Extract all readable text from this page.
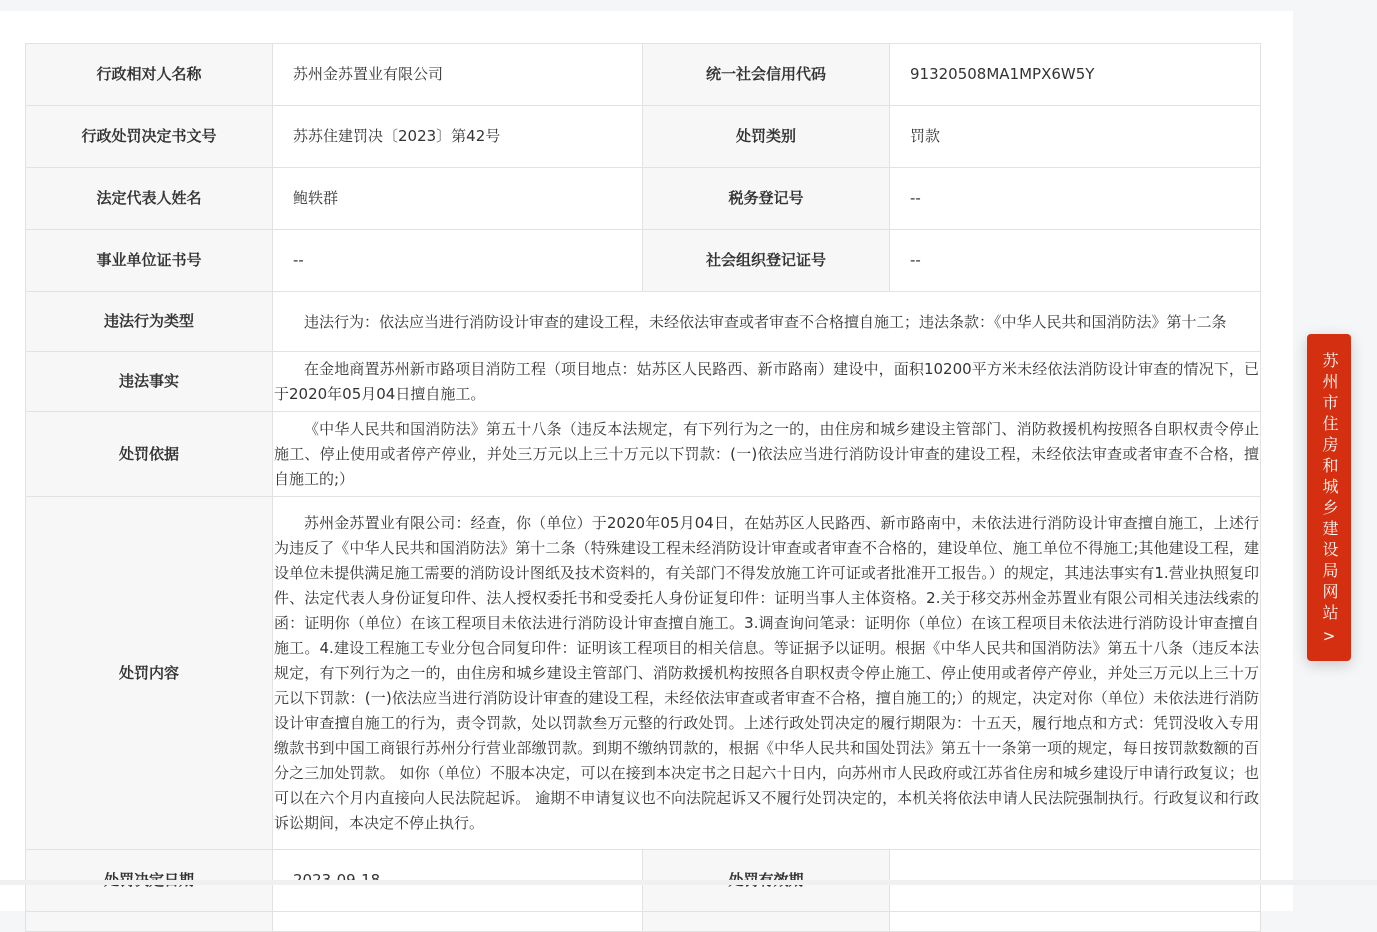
行政相对人名称	苏州金苏置业有限公司	统一社会信用代码	91320508MA1MPX6W5Y
行政处罚决定书文号	苏苏住建罚决〔2023〕第42号	处罚类别	罚款
法定代表人姓名	鲍轶群	税务登记号	--
事业单位证书号	--	社会组织登记证号	--
违法行为类型	违法行为：依法应当进行消防设计审查的建设工程，未经依法审查或者审查不合格擅自施工；违法条款：《中华人民共和国消防法》第十二条		
违法事实	在金地商置苏州新市路项目消防工程（项目地点：姑苏区人民路西、新市路南）建设中，面积10200平方米未经依法消防设计审查的情况下，已于2020年05月04日擅自施工。		
处罚依据	《中华人民共和国消防法》第五十八条（违反本法规定，有下列行为之一的，由住房和城乡建设主管部门、消防救援机构按照各自职权责令停止施工、停止使用或者停产停业，并处三万元以上三十万元以下罚款：(一)依法应当进行消防设计审查的建设工程，未经依法审查或者审查不合格，擅自施工的;）		
处罚内容	苏州金苏置业有限公司：经查，你（单位）于2020年05月04日，在姑苏区人民路西、新市路南中，未依法进行消防设计审查擅自施工，上述行为违反了《中华人民共和国消防法》第十二条（特殊建设工程未经消防设计审查或者审查不合格的，建设单位、施工单位不得施工;其他建设工程，建设单位未提供满足施工需要的消防设计图纸及技术资料的，有关部门不得发放施工许可证或者批准开工报告。）的规定，其违法事实有1.营业执照复印件、法定代表人身份证复印件、法人授权委托书和受委托人身份证复印件：证明当事人主体资格。2.关于移交苏州金苏置业有限公司相关违法线索的函：证明你（单位）在该工程项目未依法进行消防设计审查擅自施工。3.调查询问笔录：证明你（单位）在该工程项目未依法进行消防设计审查擅自施工。4.建设工程施工专业分包合同复印件：证明该工程项目的相关信息。等证据予以证明。根据《中华人民共和国消防法》第五十八条（违反本法规定，有下列行为之一的，由住房和城乡建设主管部门、消防救援机构按照各自职权责令停止施工、停止使用或者停产停业，并处三万元以上三十万元以下罚款：(一)依法应当进行消防设计审查的建设工程，未经依法审查或者审查不合格，擅自施工的;）的规定，决定对你（单位）未依法进行消防设计审查擅自施工的行为，责令罚款，处以罚款叁万元整的行政处罚。上述行政处罚决定的履行期限为：十五天，履行地点和方式：凭罚没收入专用缴款书到中国工商银行苏州分行营业部缴罚款。到期不缴纳罚款的，根据《中华人民共和国处罚法》第五十一条第一项的规定，每日按罚款数额的百分之三加处罚款。 如你（单位）不服本决定，可以在接到本决定书之日起六十日内，向苏州市人民政府或江苏省住房和城乡建设厅申请行政复议；也可以在六个月内直接向人民法院起诉。 逾期不申请复议也不向法院起诉又不履行处罚决定的，本机关将依法申请人民法院强制执行。行政复议和行政诉讼期间，本决定不停止执行。		

苏州市住房和城乡建设局网站
>
